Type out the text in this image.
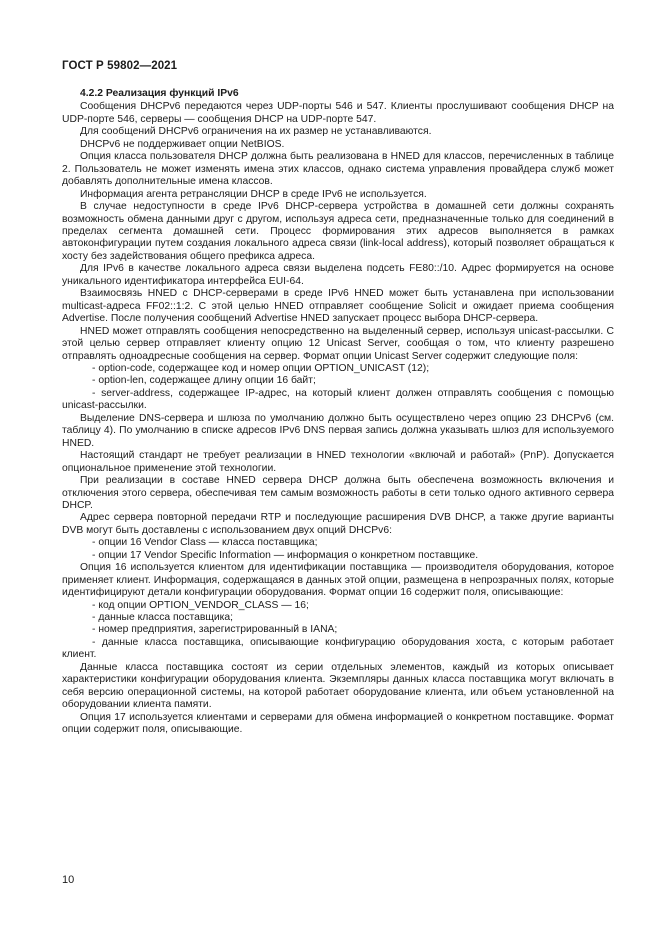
ГОСТ Р 59802—2021
4.2.2 Реализация функций IPv6
Сообщения DHCPv6 передаются через UDP-порты 546 и 547. Клиенты прослушивают сообщения DHCP на UDP-порте 546, серверы — сообщения DHCP на UDP-порте 547.
Для сообщений DHCPv6 ограничения на их размер не устанавливаются.
DHCPv6 не поддерживает опции NetBIOS.
Опция класса пользователя DHCP должна быть реализована в HNED для классов, перечисленных в таблице 2. Пользователь не может изменять имена этих классов, однако система управления провайдера служб может добавлять дополнительные имена классов.
Информация агента ретрансляции DHCP в среде IPv6 не используется.
В случае недоступности в среде IPv6 DHCP-сервера устройства в домашней сети должны сохранять возможность обмена данными друг с другом, используя адреса сети, предназначенные только для соединений в пределах сегмента домашней сети. Процесс формирования этих адресов выполняется в рамках автоконфигурации путем создания локального адреса связи (link-local address), который позволяет обращаться к хосту без задействования общего префикса адреса.
Для IPv6 в качестве локального адреса связи выделена подсеть FE80::/10. Адрес формируется на основе уникального идентификатора интерфейса EUI-64.
Взаимосвязь HNED с DHCP-серверами в среде IPv6 HNED может быть устанавлена при использовании multicast-адреса FF02::1:2. С этой целью HNED отправляет сообщение Solicit и ожидает приема сообщения Advertise. После получения сообщений Advertise HNED запускает процесс выбора DHCP-сервера.
HNED может отправлять сообщения непосредственно на выделенный сервер, используя unicast-рассылки. С этой целью сервер отправляет клиенту опцию 12 Unicast Server, сообщая о том, что клиенту разрешено отправлять одноадресные сообщения на сервер. Формат опции Unicast Server содержит следующие поля:
- option-code, содержащее код и номер опции OPTION_UNICAST (12);
- option-len, содержащее длину опции 16 байт;
- server-address, содержащее IP-адрес, на который клиент должен отправлять сообщения с помощью unicast-рассылки.
Выделение DNS-сервера и шлюза по умолчанию должно быть осуществлено через опцию 23 DHCPv6 (см. таблицу 4). По умолчанию в списке адресов IPv6 DNS первая запись должна указывать шлюз для используемого HNED.
Настоящий стандарт не требует реализации в HNED технологии «включай и работай» (PnP). Допускается опциональное применение этой технологии.
При реализации в составе HNED сервера DHCP должна быть обеспечена возможность включения и отключения этого сервера, обеспечивая тем самым возможность работы в сети только одного активного сервера DHCP.
Адрес сервера повторной передачи RTP и последующие расширения DVB DHCP, а также другие варианты DVB могут быть доставлены с использованием двух опций DHCPv6:
- опции 16 Vendor Class — класса поставщика;
- опции 17 Vendor Specific Information — информация о конкретном поставщике.
Опция 16 используется клиентом для идентификации поставщика — производителя оборудования, которое применяет клиент. Информация, содержащаяся в данных этой опции, размещена в непрозрачных полях, которые идентифицируют детали конфигурации оборудования. Формат опции 16 содержит поля, описывающие:
- код опции OPTION_VENDOR_CLASS — 16;
- данные класса поставщика;
- номер предприятия, зарегистрированный в IANA;
- данные класса поставщика, описывающие конфигурацию оборудования хоста, с которым работает клиент.
Данные класса поставщика состоят из серии отдельных элементов, каждый из которых описывает характеристики конфигурации оборудования клиента. Экземпляры данных класса поставщика могут включать в себя версию операционной системы, на которой работает оборудование клиента, или объем установленной на оборудовании клиента памяти.
Опция 17 используется клиентами и серверами для обмена информацией о конкретном поставщике. Формат опции содержит поля, описывающие.
10
